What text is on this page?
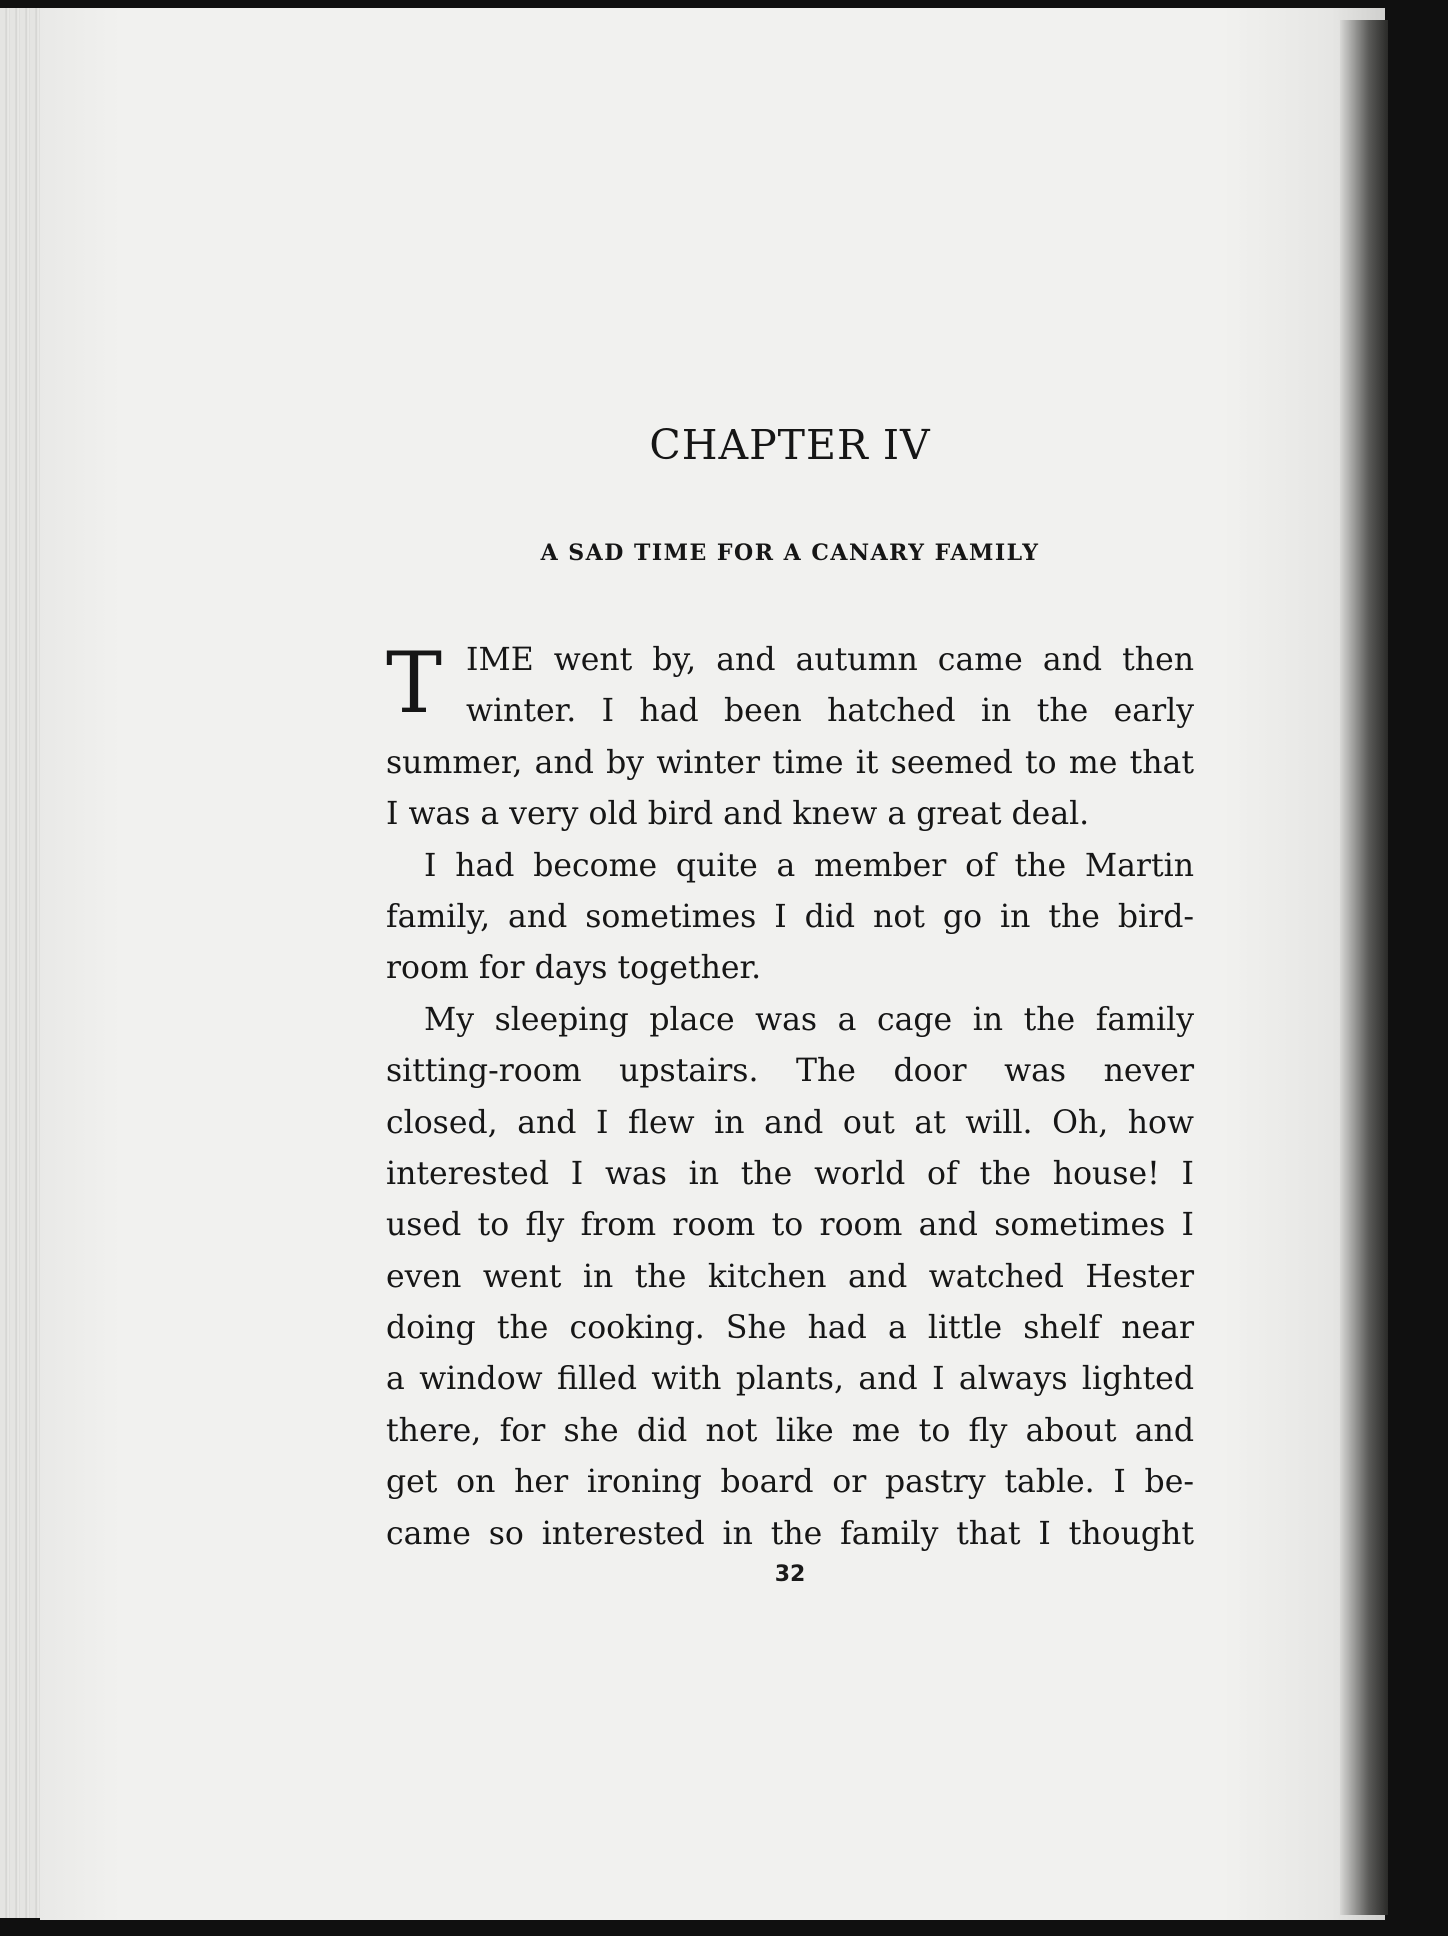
CHAPTER IV
A SAD TIME FOR A CANARY FAMILY
T IME went by, and autumn came and then
winter. I had been hatched in the early
summer, and by winter time it seemed to me that
I was a very old bird and knew a great deal.
I had become quite a member of the Martin
family, and sometimes I did not go in the bird-
room for days together.
My sleeping place was a cage in the family
sitting-room upstairs. The door was never
closed, and I flew in and out at will. Oh, how
interested I was in the world of the house! I
used to fly from room to room and sometimes I
even went in the kitchen and watched Hester
doing the cooking. She had a little shelf near
a window filled with plants, and I always lighted
there, for she did not like me to fly about and
get on her ironing board or pastry table. I be-
came so interested in the family that I thought
32
